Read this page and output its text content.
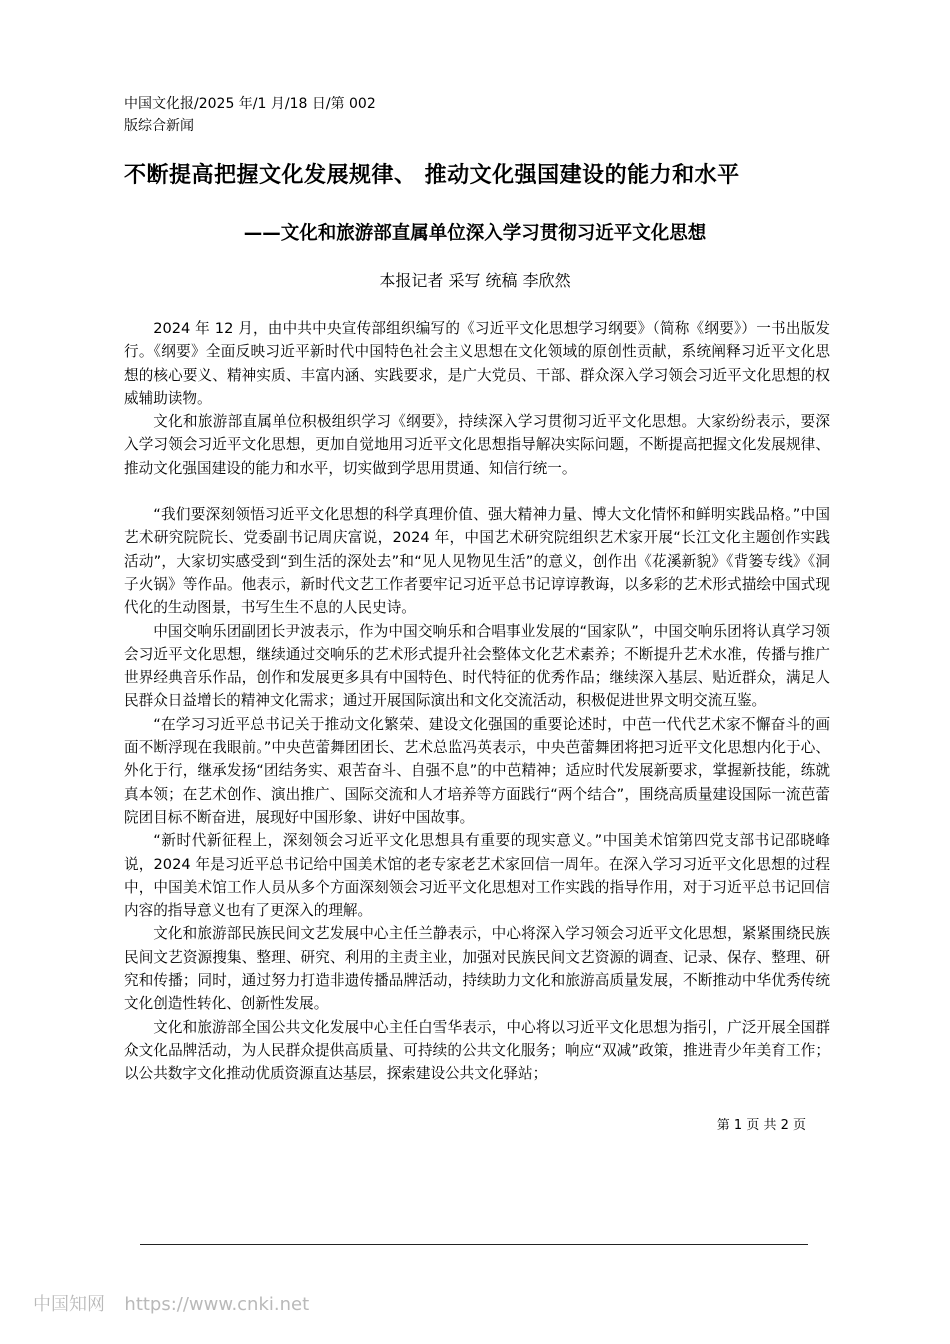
中国文化报/2025 年/1 月/18 日/第 002
版综合新闻
不断提高把握文化发展规律、 推动文化强国建设的能力和水平
——文化和旅游部直属单位深入学习贯彻习近平文化思想
本报记者 采写 统稿 李欣然

2024 年 12 月，由中共中央宣传部组织编写的《习近平文化思想学习纲要》（简称《纲要》）一书出版发行。《纲要》全面反映习近平新时代中国特色社会主义思想在文化领域的原创性贡献，系统阐释习近平文化思想的核心要义、精神实质、丰富内涵、实践要求，是广大党员、干部、群众深入学习领会习近平文化思想的权威辅助读物。

文化和旅游部直属单位积极组织学习《纲要》，持续深入学习贯彻习近平文化思想。大家纷纷表示，要深入学习领会习近平文化思想，更加自觉地用习近平文化思想指导解决实际问题，不断提高把握文化发展规律、推动文化强国建设的能力和水平，切实做到学思用贯通、知信行统一。

“我们要深刻领悟习近平文化思想的科学真理价值、强大精神力量、博大文化情怀和鲜明实践品格。”中国艺术研究院院长、党委副书记周庆富说，2024 年，中国艺术研究院组织艺术家开展“长江文化主题创作实践活动”，大家切实感受到“到生活的深处去”和“见人见物见生活”的意义，创作出《花溪新貌》《背篓专线》《洞子火锅》等作品。他表示，新时代文艺工作者要牢记习近平总书记谆谆教诲，以多彩的艺术形式描绘中国式现代化的生动图景，书写生生不息的人民史诗。

中国交响乐团副团长尹波表示，作为中国交响乐和合唱事业发展的“国家队”，中国交响乐团将认真学习领会习近平文化思想，继续通过交响乐的艺术形式提升社会整体文化艺术素养；不断提升艺术水准，传播与推广世界经典音乐作品，创作和发展更多具有中国特色、时代特征的优秀作品；继续深入基层、贴近群众，满足人民群众日益增长的精神文化需求；通过开展国际演出和文化交流活动，积极促进世界文明交流互鉴。

“在学习习近平总书记关于推动文化繁荣、建设文化强国的重要论述时，中芭一代代艺术家不懈奋斗的画面不断浮现在我眼前。”中央芭蕾舞团团长、艺术总监冯英表示，中央芭蕾舞团将把习近平文化思想内化于心、外化于行，继承发扬“团结务实、艰苦奋斗、自强不息”的中芭精神；适应时代发展新要求，掌握新技能，练就真本领；在艺术创作、演出推广、国际交流和人才培养等方面践行“两个结合”，围绕高质量建设国际一流芭蕾院团目标不断奋进，展现好中国形象、讲好中国故事。

“新时代新征程上，深刻领会习近平文化思想具有重要的现实意义。”中国美术馆第四党支部书记邵晓峰说，2024 年是习近平总书记给中国美术馆的老专家老艺术家回信一周年。在深入学习习近平文化思想的过程中，中国美术馆工作人员从多个方面深刻领会习近平文化思想对工作实践的指导作用，对于习近平总书记回信内容的指导意义也有了更深入的理解。

文化和旅游部民族民间文艺发展中心主任兰静表示，中心将深入学习领会习近平文化思想，紧紧围绕民族民间文艺资源搜集、整理、研究、利用的主责主业，加强对民族民间文艺资源的调查、记录、保存、整理、研究和传播；同时，通过努力打造非遗传播品牌活动，持续助力文化和旅游高质量发展，不断推动中华优秀传统文化创造性转化、创新性发展。

文化和旅游部全国公共文化发展中心主任白雪华表示，中心将以习近平文化思想为指引，广泛开展全国群众文化品牌活动，为人民群众提供高质量、可持续的公共文化服务；响应“双减”政策，推进青少年美育工作；以公共数字文化推动优质资源直达基层，探索建设公共文化驿站；

第 1 页 共 2 页
中国知网 https://www.cnki.net
